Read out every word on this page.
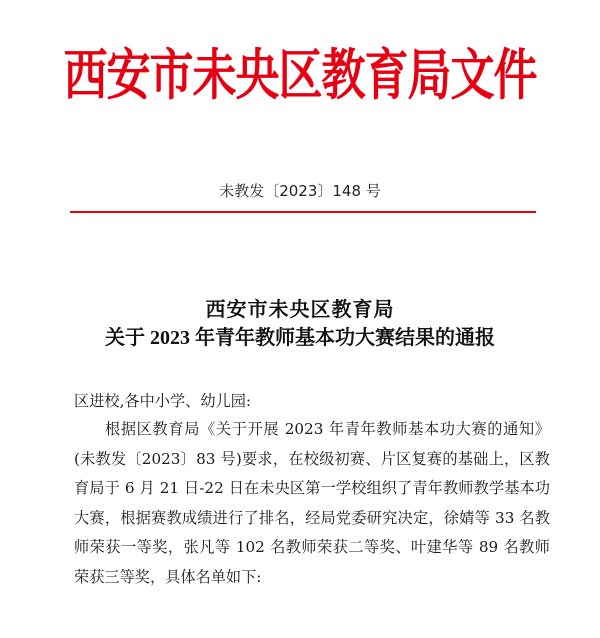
西安市未央区教育局文件
未教发〔2023〕148 号
西安市未央区教育局
关于 2023 年青年教师基本功大赛结果的通报

区进校,各中小学、幼儿园:

根据区教育局《关于开展 2023 年青年教师基本功大赛的通知》(未教发〔2023〕83 号)要求，在校级初赛、片区复赛的基础上，区教育局于 6 月 21 日-22 日在未央区第一学校组织了青年教师教学基本功大赛，根据赛教成绩进行了排名，经局党委研究决定，徐婧等 33 名教师荣获一等奖，张凡等 102 名教师荣获二等奖、叶建华等 89 名教师荣获三等奖，具体名单如下:
